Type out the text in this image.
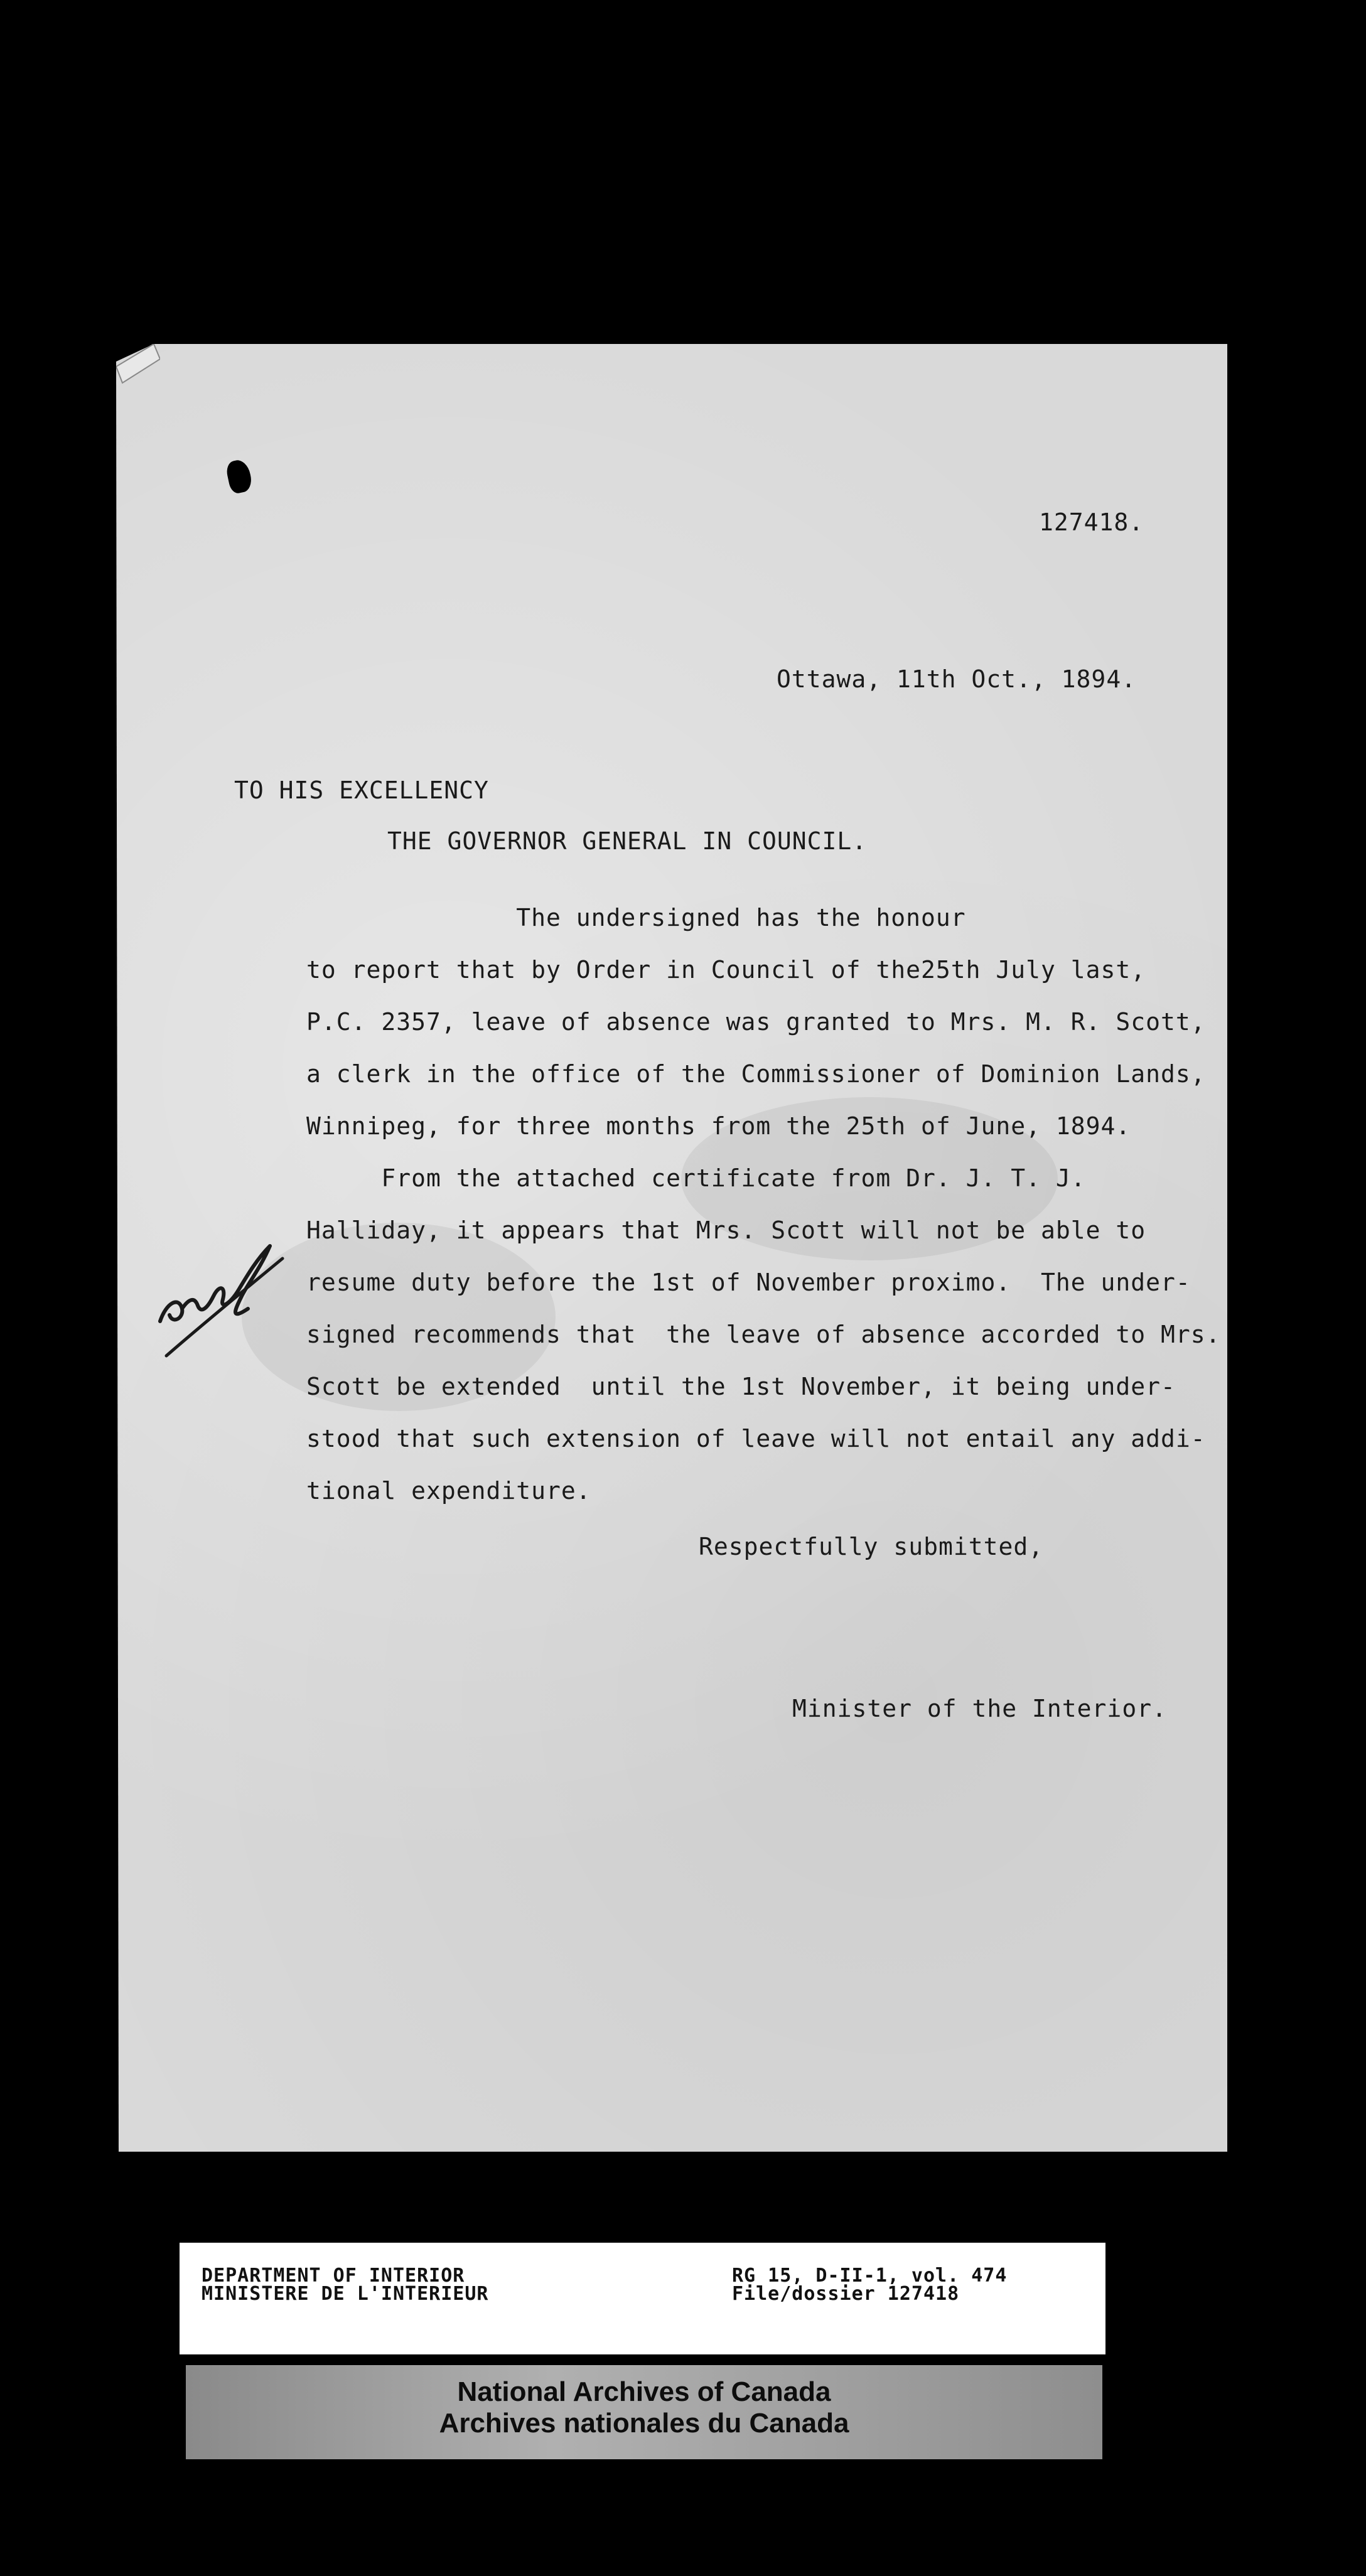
127418.
Ottawa, 11th Oct., 1894.
TO HIS EXCELLENCY
THE GOVERNOR GENERAL IN COUNCIL.
The undersigned has the honour
to report that by Order in Council of the25th July last,
P.C. 2357, leave of absence was granted to Mrs. M. R. Scott,
a clerk in the office of the Commissioner of Dominion Lands,
Winnipeg, for three months from the 25th of June, 1894.
From the attached certificate from Dr. J. T. J.
Halliday, it appears that Mrs. Scott will not be able to
resume duty before the 1st of November proximo.  The under-
signed recommends that  the leave of absence accorded to Mrs.
Scott be extended  until the 1st November, it being under-
stood that such extension of leave will not entail any addi-
tional expenditure.
Respectfully submitted,
Minister of the Interior.
DEPARTMENT OF INTERIOR
MINISTERE DE L'INTERIEUR
RG 15, D-II-1, vol. 474
File/dossier 127418
National Archives of Canada
Archives nationales du Canada
